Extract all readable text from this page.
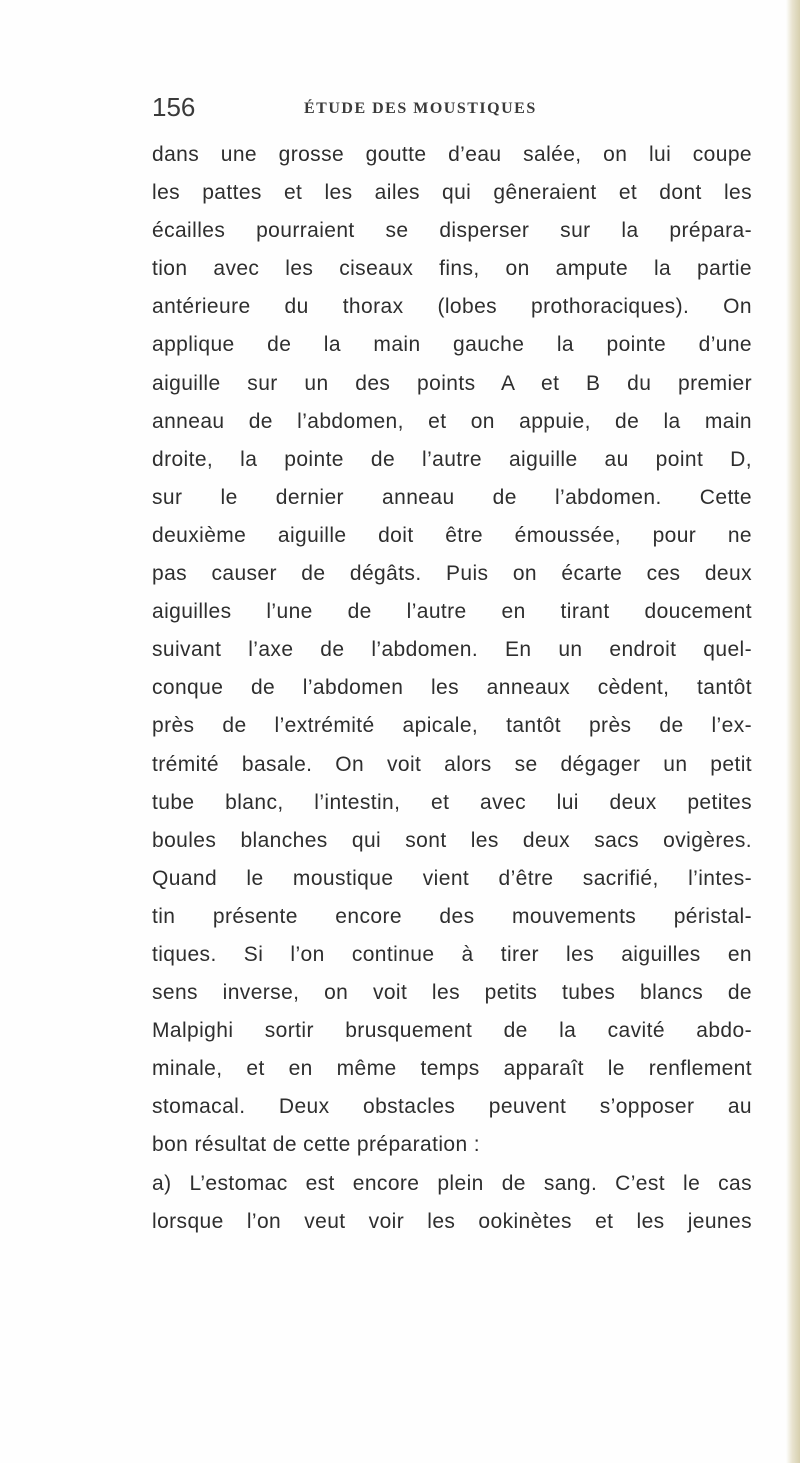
156	ÉTUDE DES MOUSTIQUES
dans une grosse goutte d’eau salée, on lui coupe
les pattes et les ailes qui gêneraient et dont les
écailles pourraient se disperser sur la prépara-
tion avec les ciseaux fins, on ampute la partie
antérieure du thorax (lobes prothoraciques). On
applique de la main gauche la pointe d’une
aiguille sur un des points A et B du premier
anneau de l’abdomen, et on appuie, de la main
droite, la pointe de l’autre aiguille au point D,
sur le dernier anneau de l’abdomen. Cette
deuxième aiguille doit être émoussée, pour ne
pas causer de dégâts. Puis on écarte ces deux
aiguilles l’une de l’autre en tirant doucement
suivant l’axe de l’abdomen. En un endroit quel-
conque de l’abdomen les anneaux cèdent, tantôt
près de l’extrémité apicale, tantôt près de l’ex-
trémité basale. On voit alors se dégager un petit
tube blanc, l’intestin, et avec lui deux petites
boules blanches qui sont les deux sacs ovigères.
Quand le moustique vient d’être sacrifié, l’intes-
tin présente encore des mouvements péristal-
tiques. Si l’on continue à tirer les aiguilles en
sens inverse, on voit les petits tubes blancs de
Malpighi sortir brusquement de la cavité abdo-
minale, et en même temps apparaît le renflement
stomacal. Deux obstacles peuvent s’opposer au
bon résultat de cette préparation :
a) L’estomac est encore plein de sang. C’est le cas
lorsque l’on veut voir les ookinètes et les jeunes
